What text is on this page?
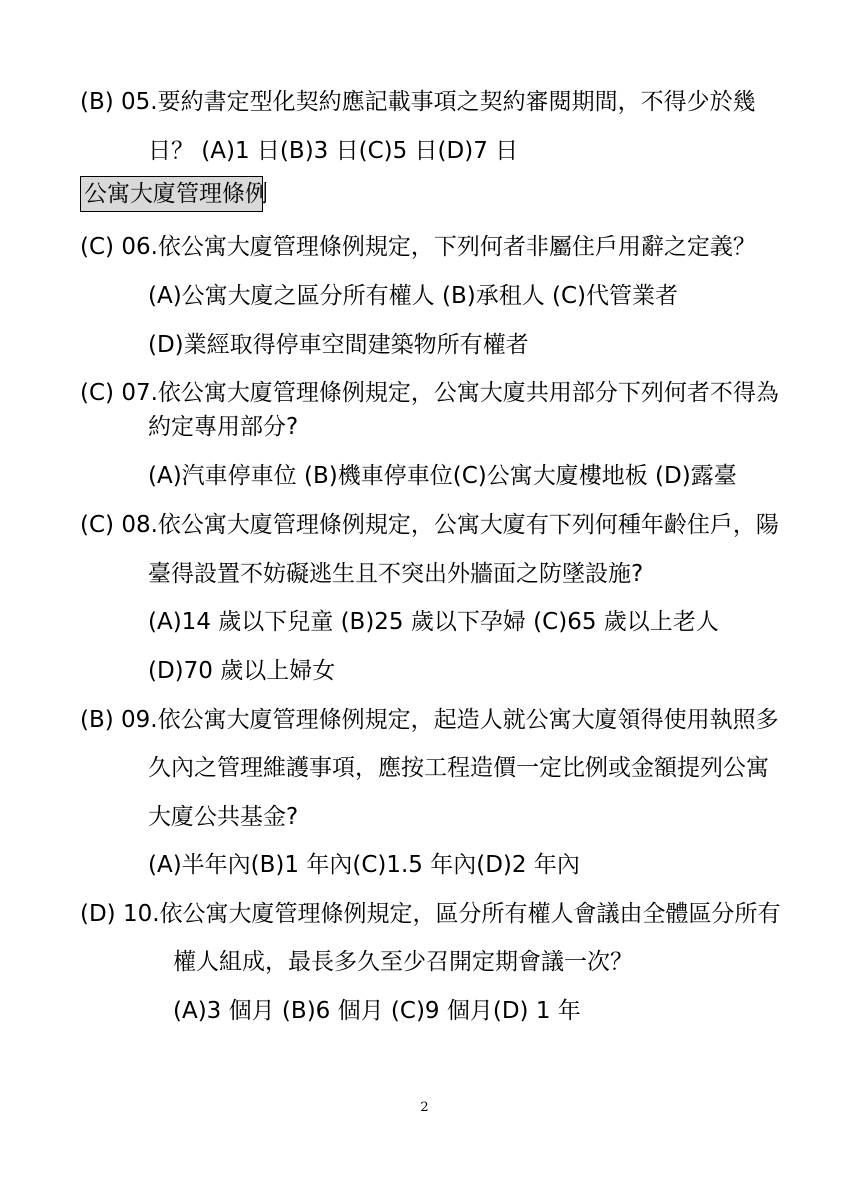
(B) 05.要約書定型化契約應記載事項之契約審閱期間，不得少於幾
日？ (A)1 日(B)3 日(C)5 日(D)7 日
公寓大廈管理條例
(C) 06.依公寓大廈管理條例規定，下列何者非屬住戶用辭之定義？
(A)公寓大廈之區分所有權人 (B)承租人 (C)代管業者
(D)業經取得停車空間建築物所有權者
(C) 07.依公寓大廈管理條例規定，公寓大廈共用部分下列何者不得為
約定專用部分?
(A)汽車停車位 (B)機車停車位(C)公寓大廈樓地板 (D)露臺
(C) 08.依公寓大廈管理條例規定，公寓大廈有下列何種年齡住戶，陽
臺得設置不妨礙逃生且不突出外牆面之防墜設施?
(A)14 歲以下兒童 (B)25 歲以下孕婦 (C)65 歲以上老人
(D)70 歲以上婦女
(B) 09.依公寓大廈管理條例規定，起造人就公寓大廈領得使用執照多
久內之管理維護事項，應按工程造價一定比例或金額提列公寓
大廈公共基金?
(A)半年內(B)1 年內(C)1.5 年內(D)2 年內
(D) 10.依公寓大廈管理條例規定，區分所有權人會議由全體區分所有
權人組成，最長多久至少召開定期會議一次？
(A)3 個月 (B)6 個月 (C)9 個月(D) 1 年
2
